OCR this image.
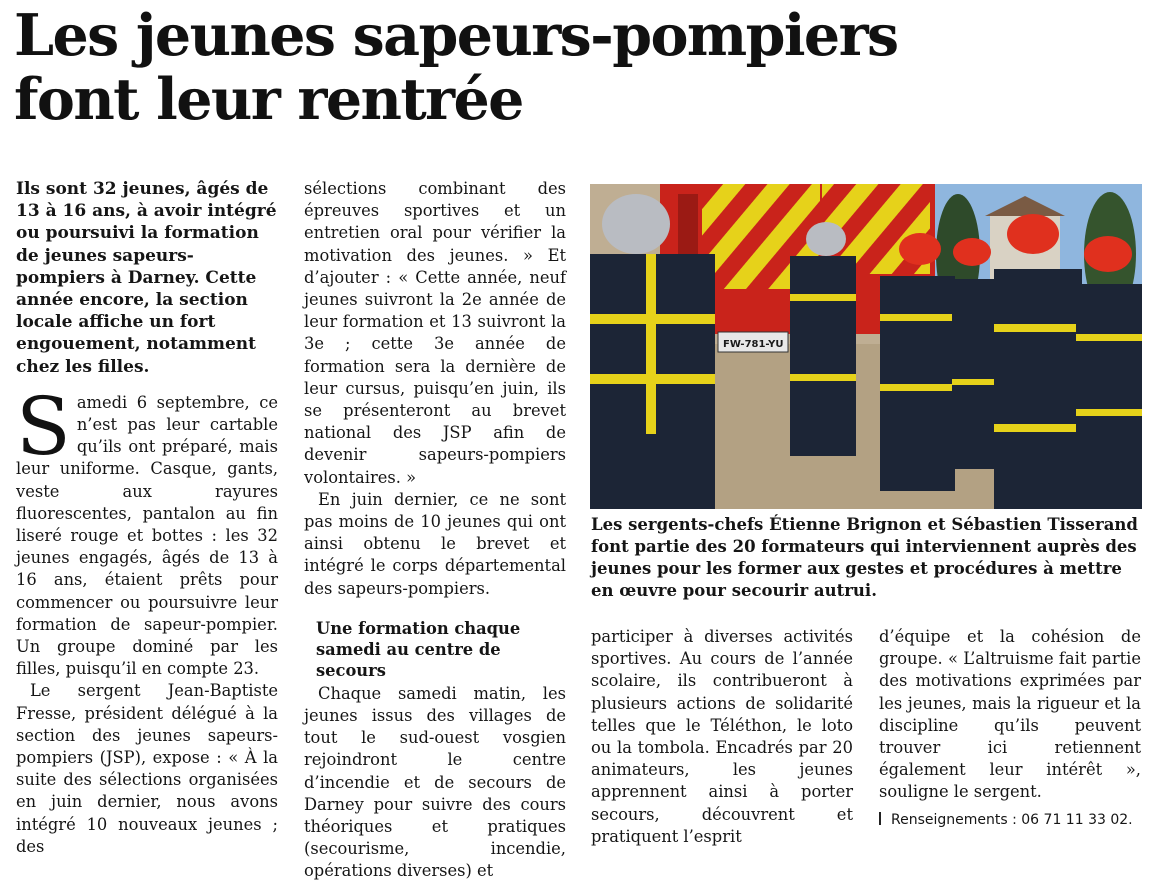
Les jeunes sapeurs-pompiers
font leur rentrée

Ils sont 32 jeunes, âgés de 13 à 16 ans, à avoir intégré ou poursuivi la formation de jeunes sapeurs-pompiers à Darney. Cette année encore, la section locale affiche un fort engouement, notamment chez les filles.

Samedi 6 septembre, ce n’est pas leur cartable qu’ils ont préparé, mais leur uniforme. Casque, gants, veste aux rayures fluorescentes, pantalon au fin liseré rouge et bottes : les 32 jeunes engagés, âgés de 13 à 16 ans, étaient prêts pour commencer ou poursuivre leur formation de sapeur-pompier. Un groupe dominé par les filles, puisqu’il en compte 23.

Le sergent Jean-Baptiste Fresse, président délégué à la section des jeunes sapeurs-pompiers (JSP), expose : « À la suite des sélections organisées en juin dernier, nous avons intégré 10 nouveaux jeunes ; des

sélections combinant des épreuves sportives et un entretien oral pour vérifier la motivation des jeunes. » Et d’ajouter : « Cette année, neuf jeunes suivront la 2e année de leur formation et 13 suivront la 3e ; cette 3e année de formation sera la dernière de leur cursus, puisqu’en juin, ils se présenteront au brevet national des JSP afin de devenir sapeurs-pompiers volontaires. »

En juin dernier, ce ne sont pas moins de 10 jeunes qui ont ainsi obtenu le brevet et intégré le corps départemental des sapeurs-pompiers.

Une formation chaque samedi au centre de secours

Chaque samedi matin, les jeunes issus des villages de tout le sud-ouest vosgien rejoindront le centre d’incendie et de secours de Darney pour suivre des cours théoriques et pratiques (secourisme, incendie, opérations diverses) et

FW-781-YU

Les sergents-chefs Étienne Brignon et Sébastien Tisserand font partie des 20 formateurs qui interviennent auprès des jeunes pour les former aux gestes et procédures à mettre en œuvre pour secourir autrui.

participer à diverses activités sportives. Au cours de l’année scolaire, ils contribueront à plusieurs actions de solidarité telles que le Téléthon, le loto ou la tombola. Encadrés par 20 animateurs, les jeunes apprennent ainsi à porter secours, découvrent et pratiquent l’esprit

d’équipe et la cohésion de groupe. « L’altruisme fait partie des motivations exprimées par les jeunes, mais la rigueur et la discipline qu’ils peuvent trouver ici retiennent également leur intérêt », souligne le sergent.

Renseignements : 06 71 11 33 02.
